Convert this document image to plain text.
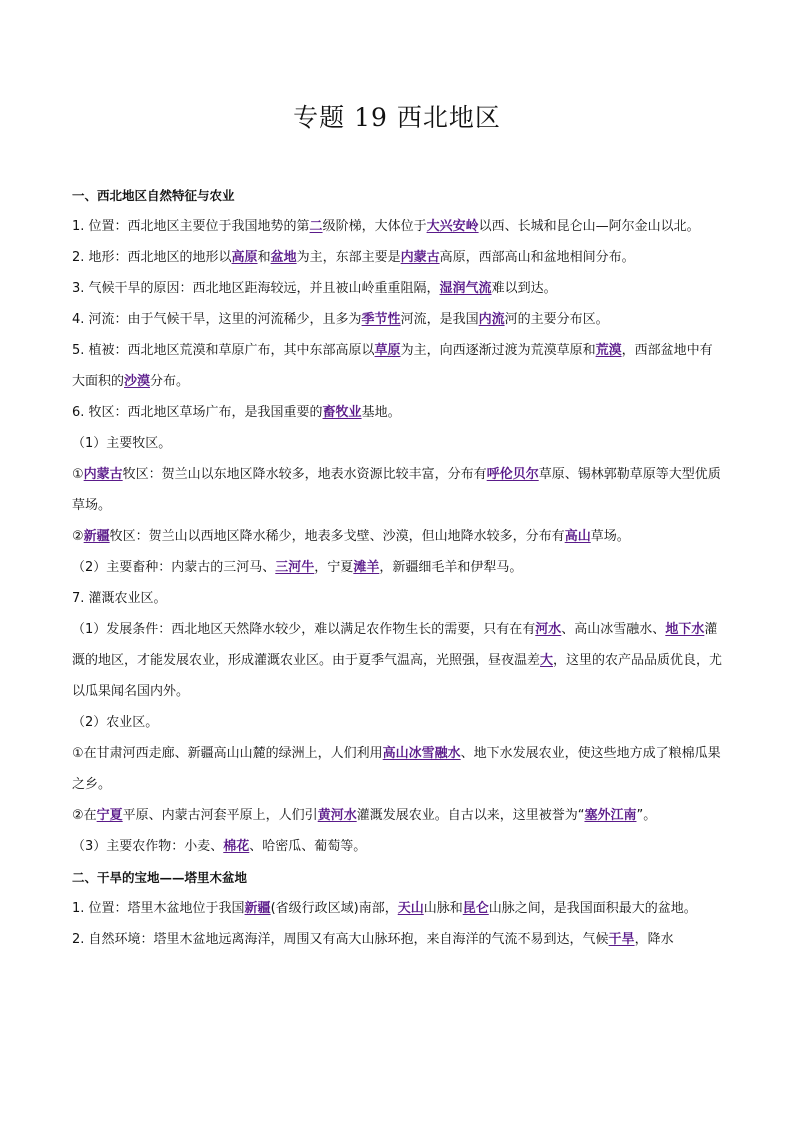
专题 19 西北地区

一、西北地区自然特征与农业

1. 位置：西北地区主要位于我国地势的第二级阶梯，大体位于大兴安岭以西、长城和昆仑山—阿尔金山以北。

2. 地形：西北地区的地形以高原和盆地为主，东部主要是内蒙古高原，西部高山和盆地相间分布。

3. 气候干旱的原因：西北地区距海较远，并且被山岭重重阻隔，湿润气流难以到达。

4. 河流：由于气候干旱，这里的河流稀少，且多为季节性河流，是我国内流河的主要分布区。

5. 植被：西北地区荒漠和草原广布，其中东部高原以草原为主，向西逐渐过渡为荒漠草原和荒漠，西部盆地中有大面积的沙漠分布。

6. 牧区：西北地区草场广布，是我国重要的畜牧业基地。

（1）主要牧区。

①内蒙古牧区：贺兰山以东地区降水较多，地表水资源比较丰富，分布有呼伦贝尔草原、锡林郭勒草原等大型优质草场。

②新疆牧区：贺兰山以西地区降水稀少，地表多戈壁、沙漠，但山地降水较多，分布有高山草场。

（2）主要畜种：内蒙古的三河马、三河牛，宁夏滩羊，新疆细毛羊和伊犁马。

7. 灌溉农业区。

（1）发展条件：西北地区天然降水较少，难以满足农作物生长的需要，只有在有河水、高山冰雪融水、地下水灌溉的地区，才能发展农业，形成灌溉农业区。由于夏季气温高，光照强，昼夜温差大，这里的农产品品质优良，尤以瓜果闻名国内外。

（2）农业区。

①在甘肃河西走廊、新疆高山山麓的绿洲上，人们利用高山冰雪融水、地下水发展农业，使这些地方成了粮棉瓜果之乡。

②在宁夏平原、内蒙古河套平原上，人们引黄河水灌溉发展农业。自古以来，这里被誉为“塞外江南”。

（3）主要农作物：小麦、棉花、哈密瓜、葡萄等。

二、干旱的宝地——塔里木盆地

1. 位置：塔里木盆地位于我国新疆(省级行政区域)南部，天山山脉和昆仑山脉之间，是我国面积最大的盆地。

2. 自然环境：塔里木盆地远离海洋，周围又有高大山脉环抱，来自海洋的气流不易到达，气候干旱，降水
